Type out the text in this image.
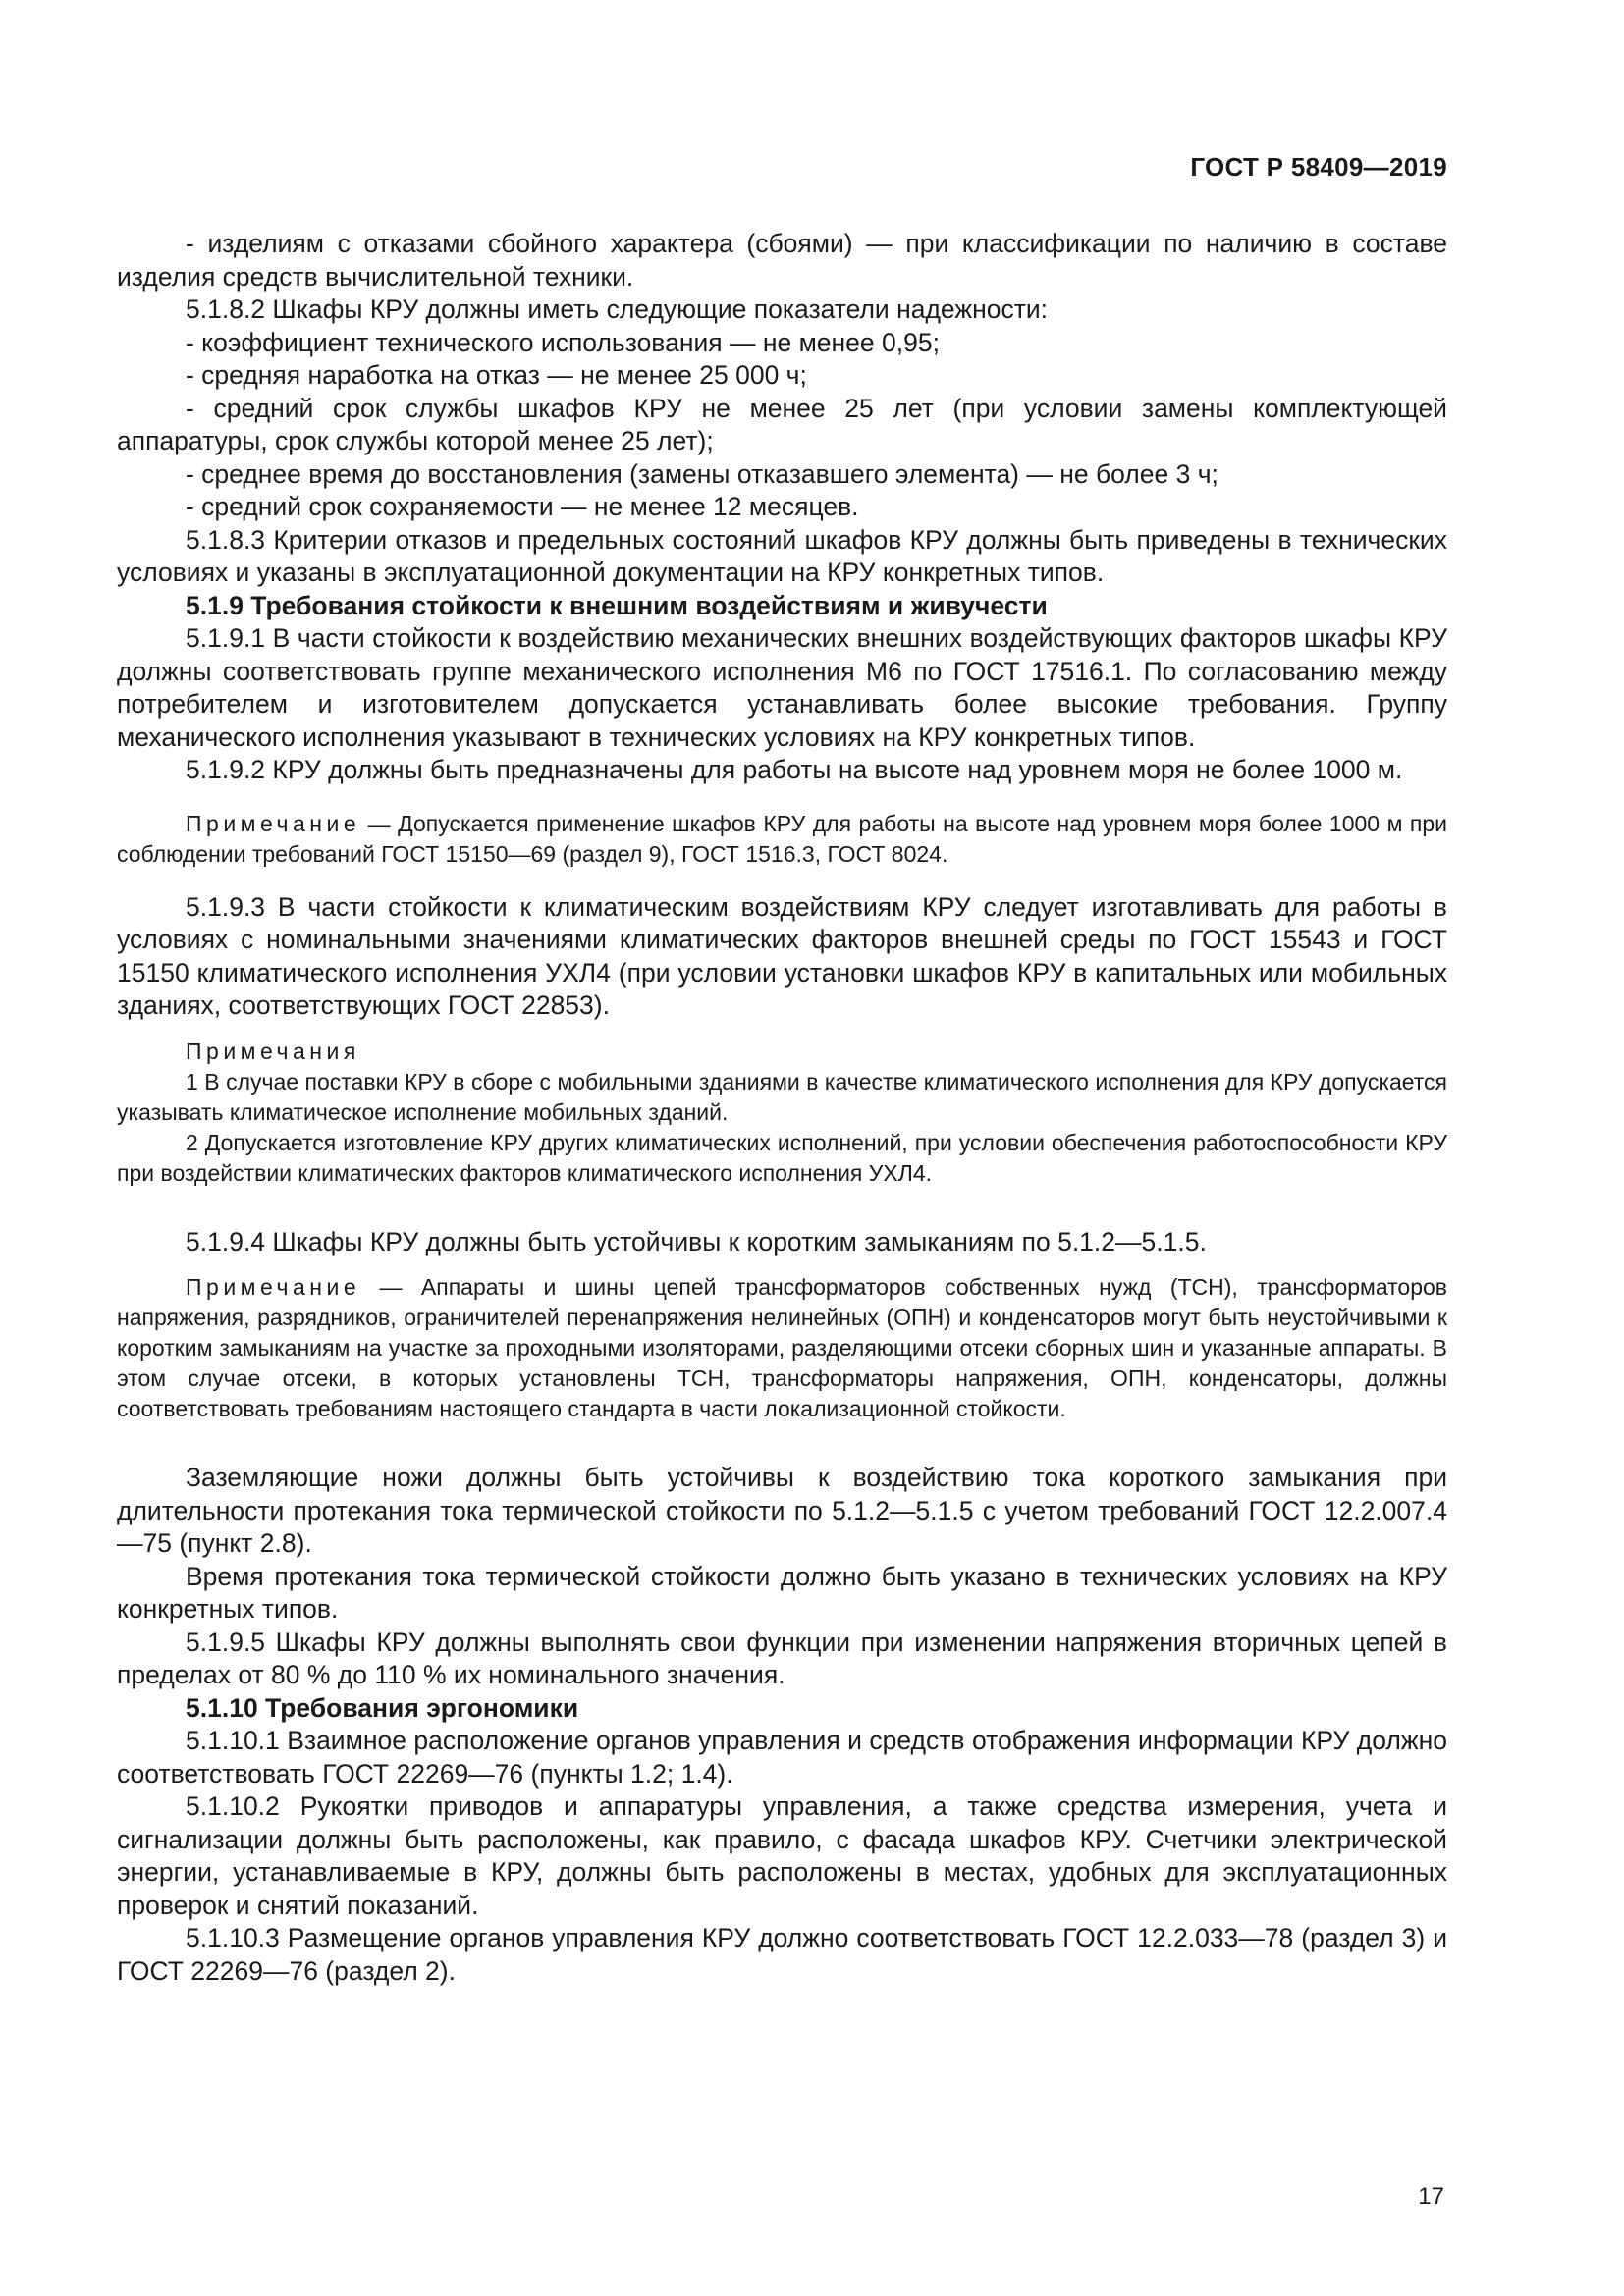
ГОСТ Р 58409—2019

- изделиям с отказами сбойного характера (сбоями) — при классификации по наличию в составе изделия средств вычислительной техники.

5.1.8.2 Шкафы КРУ должны иметь следующие показатели надежности:

- коэффициент технического использования — не менее 0,95;

- средняя наработка на отказ — не менее 25 000 ч;

- средний срок службы шкафов КРУ не менее 25 лет (при условии замены комплектующей аппаратуры, срок службы которой менее 25 лет);

- среднее время до восстановления (замены отказавшего элемента) — не более 3 ч;

- средний срок сохраняемости — не менее 12 месяцев.

5.1.8.3 Критерии отказов и предельных состояний шкафов КРУ должны быть приведены в технических условиях и указаны в эксплуатационной документации на КРУ конкретных типов.

5.1.9 Требования стойкости к внешним воздействиям и живучести

5.1.9.1 В части стойкости к воздействию механических внешних воздействующих факторов шкафы КРУ должны соответствовать группе механического исполнения М6 по ГОСТ 17516.1. По согласованию между потребителем и изготовителем допускается устанавливать более высокие требования. Группу механического исполнения указывают в технических условиях на КРУ конкретных типов.

5.1.9.2 КРУ должны быть предназначены для работы на высоте над уровнем моря не более 1000 м.

Примечание — Допускается применение шкафов КРУ для работы на высоте над уровнем моря более 1000 м при соблюдении требований ГОСТ 15150—69 (раздел 9), ГОСТ 1516.3, ГОСТ 8024.

5.1.9.3 В части стойкости к климатическим воздействиям КРУ следует изготавливать для работы в условиях с номинальными значениями климатических факторов внешней среды по ГОСТ 15543 и ГОСТ 15150 климатического исполнения УХЛ4 (при условии установки шкафов КРУ в капитальных или мобильных зданиях, соответствующих ГОСТ 22853).

Примечания

1 В случае поставки КРУ в сборе с мобильными зданиями в качестве климатического исполнения для КРУ допускается указывать климатическое исполнение мобильных зданий.

2 Допускается изготовление КРУ других климатических исполнений, при условии обеспечения работоспособности КРУ при воздействии климатических факторов климатического исполнения УХЛ4.

5.1.9.4 Шкафы КРУ должны быть устойчивы к коротким замыканиям по 5.1.2—5.1.5.

Примечание — Аппараты и шины цепей трансформаторов собственных нужд (ТСН), трансформаторов напряжения, разрядников, ограничителей перенапряжения нелинейных (ОПН) и конденсаторов могут быть неустойчивыми к коротким замыканиям на участке за проходными изоляторами, разделяющими отсеки сборных шин и указанные аппараты. В этом случае отсеки, в которых установлены ТСН, трансформаторы напряжения, ОПН, конденсаторы, должны соответствовать требованиям настоящего стандарта в части локализационной стойкости.

Заземляющие ножи должны быть устойчивы к воздействию тока короткого замыкания при длительности протекания тока термической стойкости по 5.1.2—5.1.5 с учетом требований ГОСТ 12.2.007.4—75 (пункт 2.8).

Время протекания тока термической стойкости должно быть указано в технических условиях на КРУ конкретных типов.

5.1.9.5 Шкафы КРУ должны выполнять свои функции при изменении напряжения вторичных цепей в пределах от 80 % до 110 % их номинального значения.

5.1.10 Требования эргономики

5.1.10.1 Взаимное расположение органов управления и средств отображения информации КРУ должно соответствовать ГОСТ 22269—76 (пункты 1.2; 1.4).

5.1.10.2 Рукоятки приводов и аппаратуры управления, а также средства измерения, учета и сигнализации должны быть расположены, как правило, с фасада шкафов КРУ. Счетчики электрической энергии, устанавливаемые в КРУ, должны быть расположены в местах, удобных для эксплуатационных проверок и снятий показаний.

5.1.10.3 Размещение органов управления КРУ должно соответствовать ГОСТ 12.2.033—78 (раздел 3) и ГОСТ 22269—76 (раздел 2).

17
